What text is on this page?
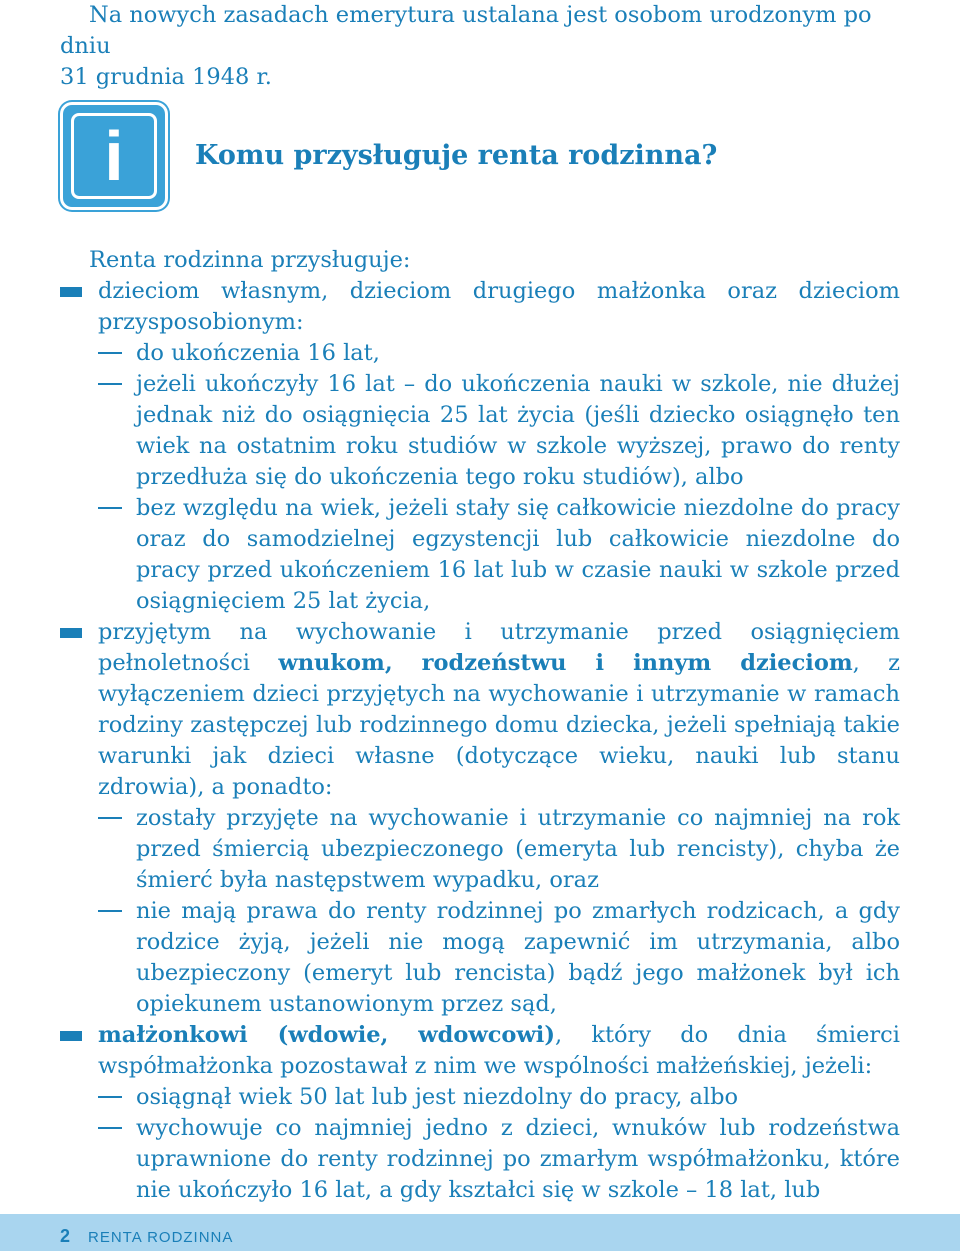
Na nowych zasadach emerytura ustalana jest osobom urodzonym po dniu

31 grudnia 1948 r.

i	Komu przysługuje renta rodzinna?

Renta rodzinna przysługuje:

dzieciom własnym, dzieciom drugiego małżonka oraz dzieciom przysposobionym:
do ukończenia 16 lat,
jeżeli ukończyły 16 lat – do ukończenia nauki w szkole, nie dłużej jednak niż do osiągnięcia 25 lat życia (jeśli dziecko osiągnęło ten wiek na ostatnim roku studiów w szkole wyższej, prawo do renty przedłuża się do ukończenia tego roku studiów), albo
bez względu na wiek, jeżeli stały się całkowicie niezdolne do pracy oraz do samodzielnej egzystencji lub całkowicie niezdolne do pracy przed ukończeniem 16 lat lub w czasie nauki w szkole przed osiągnięciem 25 lat życia,
przyjętym na wychowanie i utrzymanie przed osiągnięciem pełnoletności wnukom, rodzeństwu i innym dzieciom, z wyłączeniem dzieci przyjętych na wychowanie i utrzymanie w ramach rodziny zastępczej lub rodzinnego domu dziecka, jeżeli spełniają takie warunki jak dzieci własne (dotyczące wieku, nauki lub stanu zdrowia), a ponadto:
zostały przyjęte na wychowanie i utrzymanie co najmniej na rok przed śmiercią ubezpieczonego (emeryta lub rencisty), chyba że śmierć była następstwem wypadku, oraz
nie mają prawa do renty rodzinnej po zmarłych rodzicach, a gdy rodzice żyją, jeżeli nie mogą zapewnić im utrzymania, albo ubezpieczony (emeryt lub rencista) bądź jego małżonek był ich opiekunem ustanowionym przez sąd,
małżonkowi (wdowie, wdowcowi), który do dnia śmierci współmałżonka pozostawał z nim we wspólności małżeńskiej, jeżeli:
osiągnął wiek 50 lat lub jest niezdolny do pracy, albo
wychowuje co najmniej jedno z dzieci, wnuków lub rodzeństwa uprawnione do renty rodzinnej po zmarłym współmałżonku, które nie ukończyło 16 lat, a gdy kształci się w szkole – 18 lat, lub
2 RENTA RODZINNA
